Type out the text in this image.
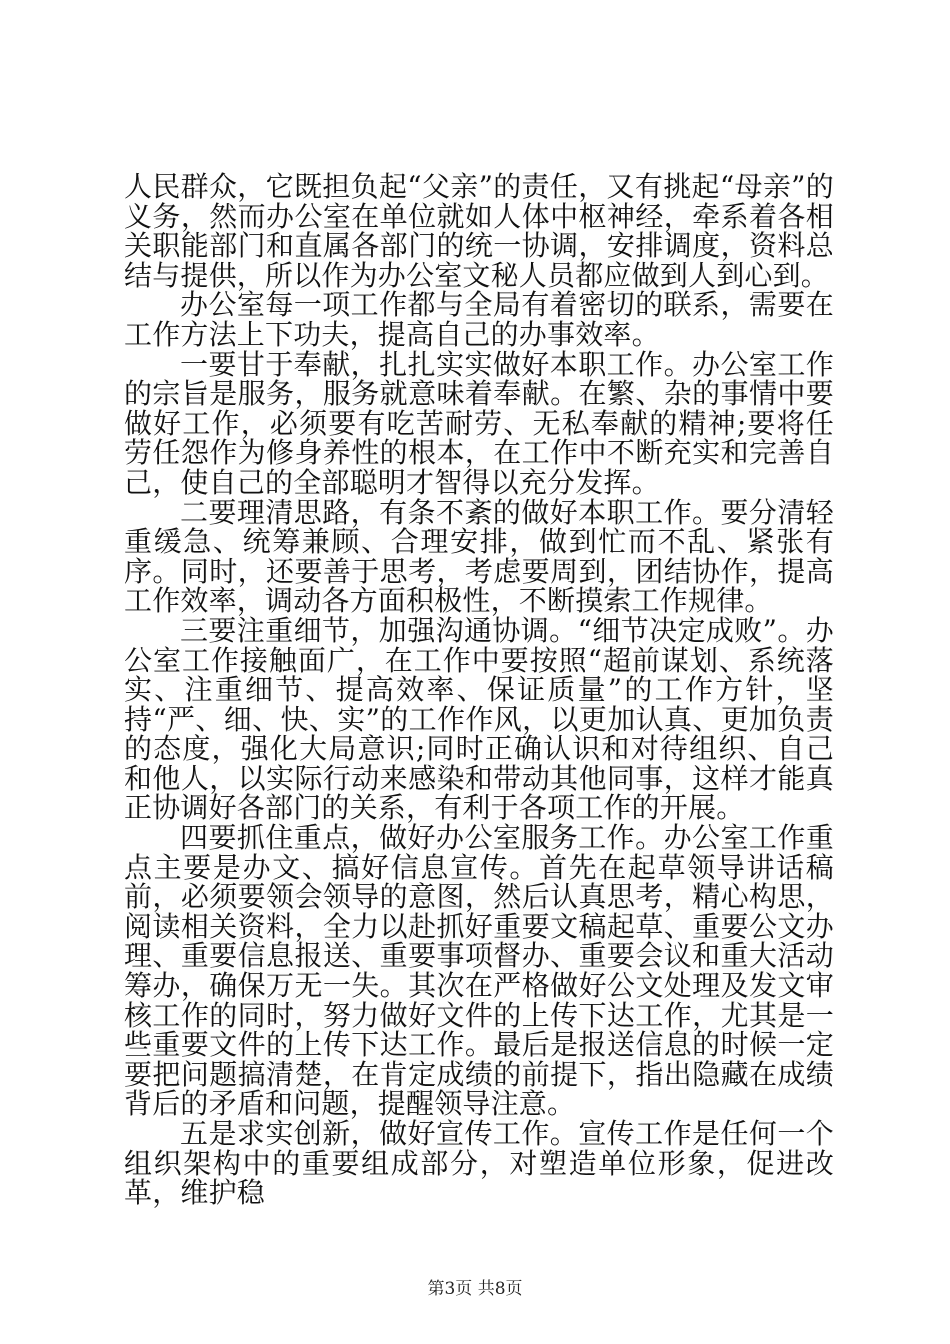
人民群众，它既担负起“父亲”的责任，又有挑起“母亲”的义务，然而办公室在单位就如人体中枢神经，牵系着各相关职能部门和直属各部门的统一协调，安排调度，资料总结与提供，所以作为办公室文秘人员都应做到人到心到。

办公室每一项工作都与全局有着密切的联系，需要在工作方法上下功夫，提高自己的办事效率。

一要甘于奉献，扎扎实实做好本职工作。办公室工作的宗旨是服务，服务就意味着奉献。在繁、杂的事情中要做好工作，必须要有吃苦耐劳、无私奉献的精神;要将任劳任怨作为修身养性的根本，在工作中不断充实和完善自己，使自己的全部聪明才智得以充分发挥。

二要理清思路，有条不紊的做好本职工作。要分清轻重缓急、统筹兼顾、合理安排，做到忙而不乱、紧张有序。同时，还要善于思考，考虑要周到，团结协作，提高工作效率，调动各方面积极性，不断摸索工作规律。

三要注重细节，加强沟通协调。“细节决定成败”。办公室工作接触面广，在工作中要按照“超前谋划、系统落实、注重细节、提高效率、保证质量”的工作方针，坚持“严、细、快、实”的工作作风，以更加认真、更加负责的态度，强化大局意识;同时正确认识和对待组织、自己和他人，以实际行动来感染和带动其他同事，这样才能真正协调好各部门的关系，有利于各项工作的开展。

四要抓住重点，做好办公室服务工作。办公室工作重点主要是办文、搞好信息宣传。首先在起草领导讲话稿前，必须要领会领导的意图，然后认真思考，精心构思，阅读相关资料，全力以赴抓好重要文稿起草、重要公文办理、重要信息报送、重要事项督办、重要会议和重大活动筹办，确保万无一失。其次在严格做好公文处理及发文审核工作的同时，努力做好文件的上传下达工作，尤其是一些重要文件的上传下达工作。最后是报送信息的时候一定要把问题搞清楚，在肯定成绩的前提下，指出隐藏在成绩背后的矛盾和问题，提醒领导注意。

五是求实创新，做好宣传工作。宣传工作是任何一个组织架构中的重要组成部分，对塑造单位形象，促进改革，维护稳

第3页 共8页
